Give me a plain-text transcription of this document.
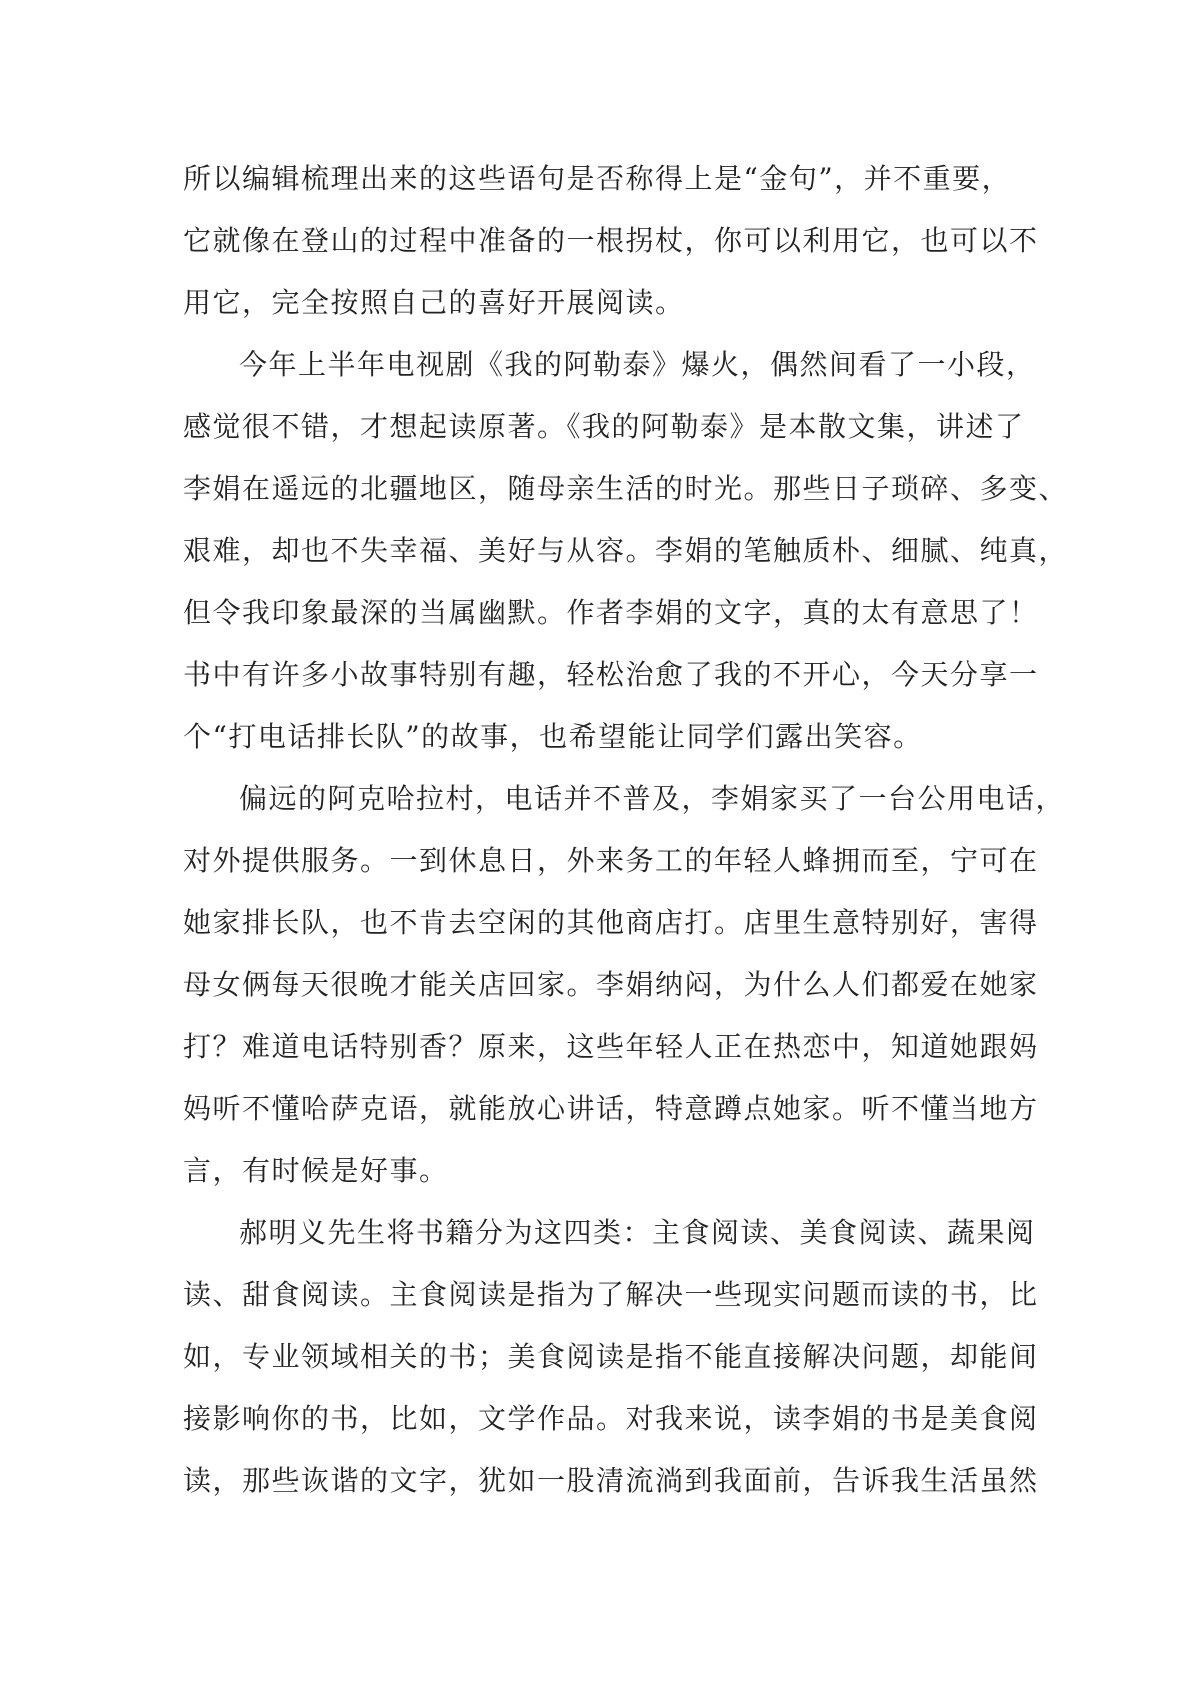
所以编辑梳理出来的这些语句是否称得上是“金句”，并不重要，
它就像在登山的过程中准备的一根拐杖，你可以利用它，也可以不
用它，完全按照自己的喜好开展阅读。
今年上半年电视剧《我的阿勒泰》爆火，偶然间看了一小段，
感觉很不错，才想起读原著。《我的阿勒泰》是本散文集，讲述了
李娟在遥远的北疆地区，随母亲生活的时光。那些日子琐碎、多变、
艰难，却也不失幸福、美好与从容。李娟的笔触质朴、细腻、纯真，
但令我印象最深的当属幽默。作者李娟的文字，真的太有意思了！
书中有许多小故事特别有趣，轻松治愈了我的不开心，今天分享一
个“打电话排长队”的故事，也希望能让同学们露出笑容。
偏远的阿克哈拉村，电话并不普及，李娟家买了一台公用电话，
对外提供服务。一到休息日，外来务工的年轻人蜂拥而至，宁可在
她家排长队，也不肯去空闲的其他商店打。店里生意特别好，害得
母女俩每天很晚才能关店回家。李娟纳闷，为什么人们都爱在她家
打？难道电话特别香？原来，这些年轻人正在热恋中，知道她跟妈
妈听不懂哈萨克语，就能放心讲话，特意蹲点她家。听不懂当地方
言，有时候是好事。
郝明义先生将书籍分为这四类：主食阅读、美食阅读、蔬果阅
读、甜食阅读。主食阅读是指为了解决一些现实问题而读的书，比
如，专业领域相关的书；美食阅读是指不能直接解决问题，却能间
接影响你的书，比如，文学作品。对我来说，读李娟的书是美食阅
读，那些诙谐的文字，犹如一股清流淌到我面前，告诉我生活虽然
